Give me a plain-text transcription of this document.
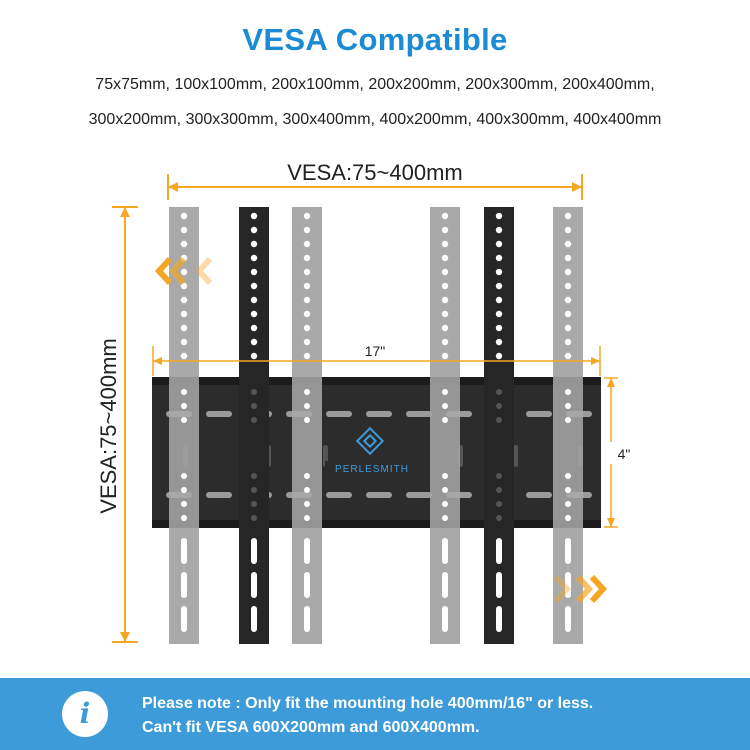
VESA Compatible
75x75mm, 100x100mm, 200x100mm, 200x200mm, 200x300mm, 200x400mm,
300x200mm, 300x300mm, 300x400mm, 400x200mm, 400x300mm, 400x400mm
VESA:75~400mm
VESA:75~400mm	PERLESMITH
17"
4"
i	Please note : Only fit the mounting hole 400mm/16" or less.
Can't fit VESA 600X200mm and 600X400mm.
